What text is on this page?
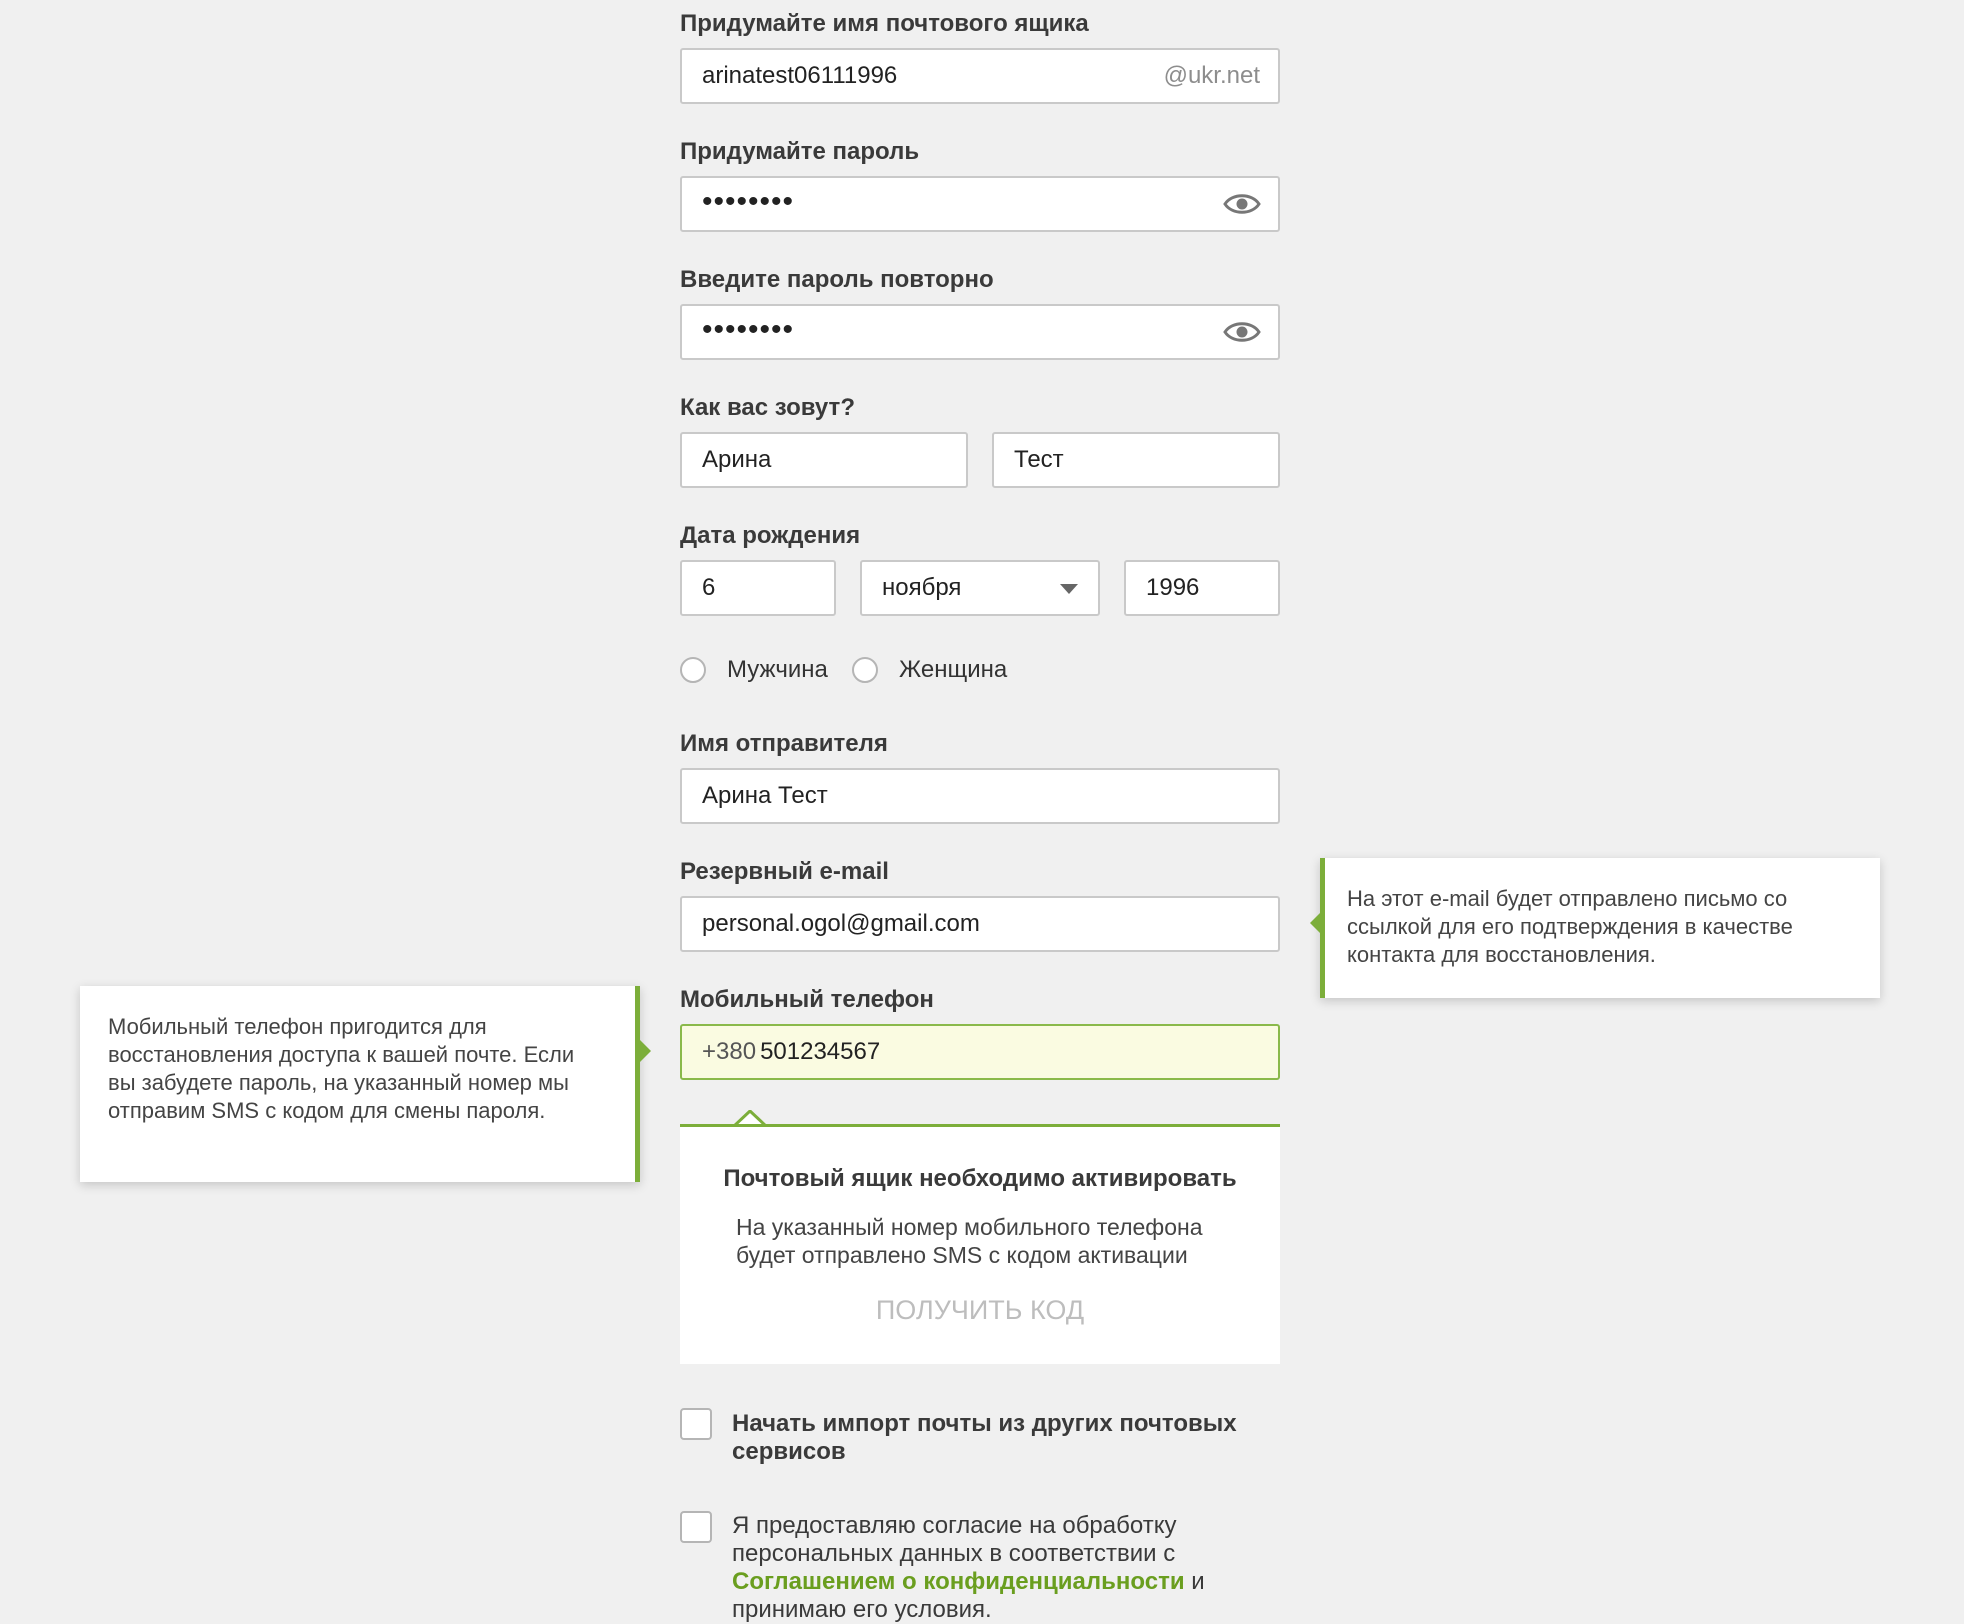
Придумайте имя почтового ящика
arinatest06111996	@ukr.net
Придумайте пароль
••••••••
Введите пароль повторно
••••••••
Как вас зовут?
Арина	Тест
Дата рождения
6	ноября	1996
Мужчина	Женщина
Имя отправителя
Арина Тест
Резервный e-mail
personal.ogol@gmail.com

На этот e-mail будет отправлено письмо со ссылкой для его подтверждения в качестве контакта для восстановления.

Мобильный телефон
+380 501234567

Мобильный телефон пригодится для восстановления доступа к вашей почте. Если вы забудете пароль, на указанный номер мы отправим SMS с кодом для смены пароля.

Почтовый ящик необходимо активировать
На указанный номер мобильного телефона будет отправлено SMS с кодом активации
ПОЛУЧИТЬ КОД
Начать импорт почты из других почтовых сервисов
Я предоставляю согласие на обработку персональных данных в соответствии с Соглашением о конфиденциальности и принимаю его условия.
